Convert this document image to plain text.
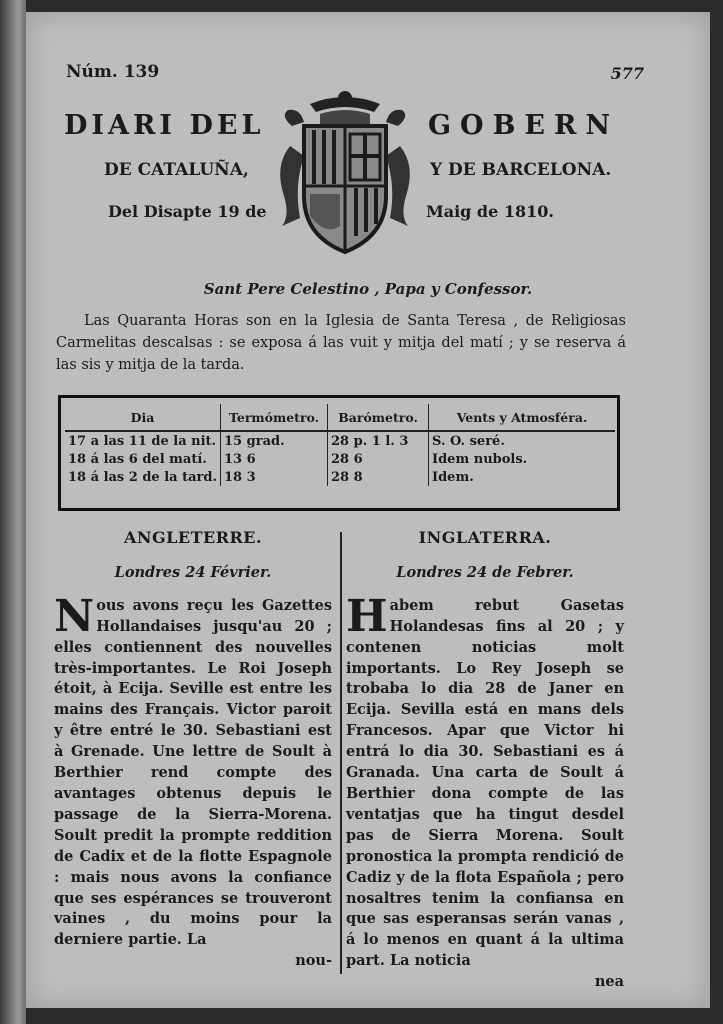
Núm. 139	577
DIARI DEL	GOBERN
DE CATALUÑA,	Y DE BARCELONA.
Del Disapte 19 de	Maig de 1810.
Sant Pere Celestino , Papa y Confessor.
Las Quaranta Horas son en la Iglesia de Santa Teresa , de Religiosas Carmelitas descalsas : se exposa á las vuit y mitja del matí ; y se reserva á las sis y mitja de la tarda.
Dia	Termómetro.	Barómetro.	Vents y Atmosféra.
17 a las 11 de la nit.	15 grad.	28 p. 1 l. 3	S. O. seré.
18 á las 6 del matí.	13 6	28 6	Idem nubols.
18 á las 2 de la tard.	18 3	28 8	Idem.
ANGLETERRE.
Londres 24 Février.
Nous avons reçu les Gazettes Hollandaises jusqu'au 20 ; elles contiennent des nouvelles très-importantes. Le Roi Joseph étoit, à Ecija. Seville est entre les mains des Français. Victor paroit y être entré le 30. Sebastiani est à Grenade. Une lettre de Soult à Berthier rend compte des avantages obtenus depuis le passage de la Sierra-Morena. Soult predit la prompte reddition de Cadix et de la flotte Espagnole : mais nous avons la confiance que ses espérances se trouveront vaines , du moins pour la derniere partie. La
nou-
INGLATERRA.
Londres 24 de Febrer.
Habem rebut Gasetas Holandesas fins al 20 ; y contenen noticias molt importants. Lo Rey Joseph se trobaba lo dia 28 de Janer en Ecija. Sevilla está en mans dels Francesos. Apar que Victor hi entrá lo dia 30. Sebastiani es á Granada. Una carta de Soult á Berthier dona compte de las ventatjas que ha tingut desdel pas de Sierra Morena. Soult pronostica la prompta rendició de Cadiz y de la flota Española ; pero nosaltres tenim la confiansa en que sas esperansas serán vanas , á lo menos en quant á la ultima part. La noticia
nea
